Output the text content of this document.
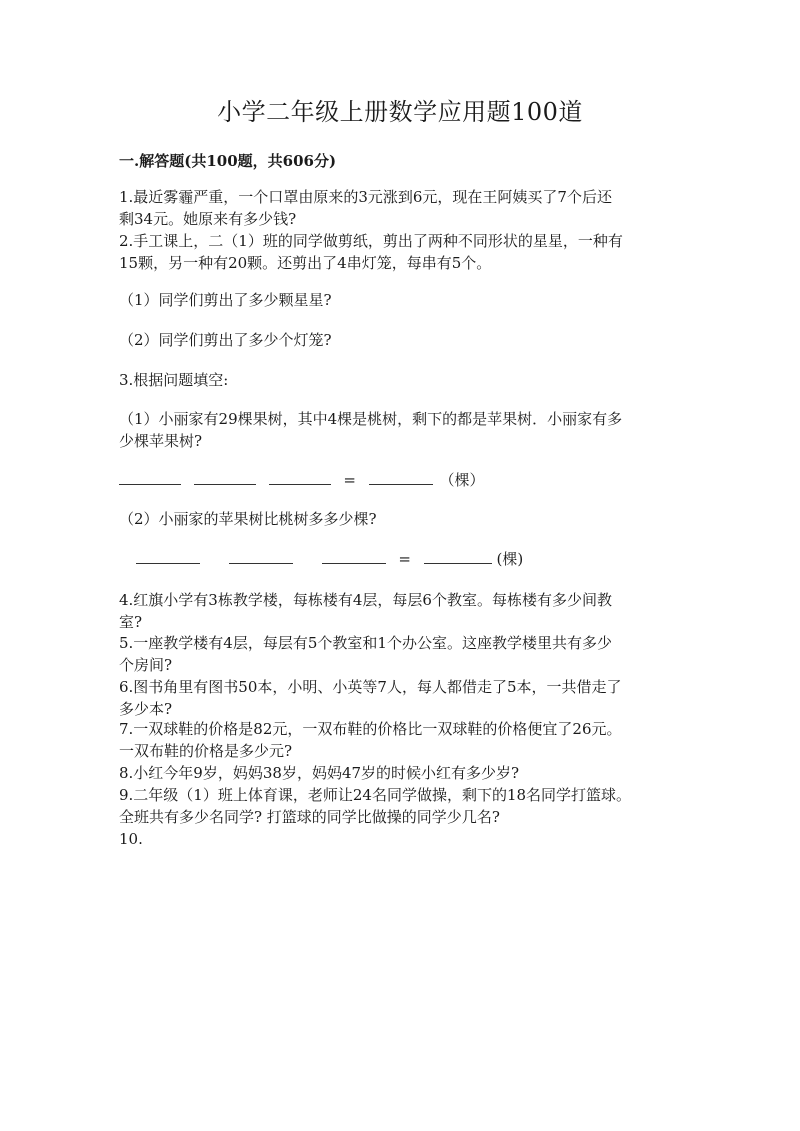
小学二年级上册数学应用题100道
一.解答题(共100题，共606分)
1.最近雾霾严重，一个口罩由原来的3元涨到6元，现在王阿姨买了7个后还
剩34元。她原来有多少钱?
2.手工课上，二（1）班的同学做剪纸，剪出了两种不同形状的星星，一种有
15颗，另一种有20颗。还剪出了4串灯笼，每串有5个。
（1）同学们剪出了多少颗星星?
（2）同学们剪出了多少个灯笼?
3.根据问题填空:
（1）小丽家有29棵果树，其中4棵是桃树，剩下的都是苹果树．小丽家有多
少棵苹果树?
=	（棵）
（2）小丽家的苹果树比桃树多多少棵?
=	(棵)
4.红旗小学有3栋教学楼，每栋楼有4层，每层6个教室。每栋楼有多少间教
室?
5.一座教学楼有4层，每层有5个教室和1个办公室。这座教学楼里共有多少
个房间?
6.图书角里有图书50本，小明、小英等7人，每人都借走了5本，一共借走了
多少本?
7.一双球鞋的价格是82元，一双布鞋的价格比一双球鞋的价格便宜了26元。
一双布鞋的价格是多少元?
8.小红今年9岁，妈妈38岁，妈妈47岁的时候小红有多少岁?
9.二年级（1）班上体育课，老师让24名同学做操，剩下的18名同学打篮球。
全班共有多少名同学? 打篮球的同学比做操的同学少几名?
10.
